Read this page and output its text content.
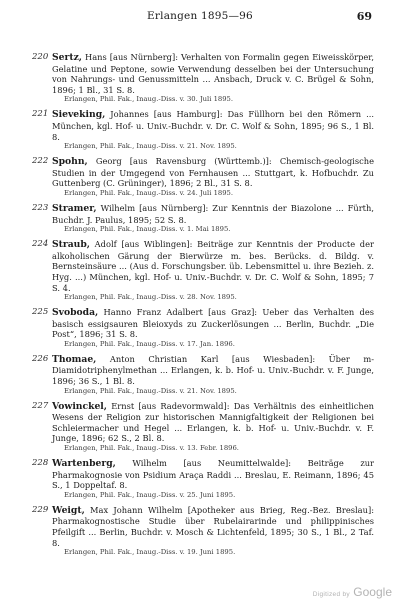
Erlangen 1895—96	69
220 Sertz, Hans [aus Nürnberg]: Verhalten von Formalin gegen Eiweisskörper, Gelatine und Peptone, sowie Verwendung desselben bei der Untersuchung von Nahrungs- und Genussmitteln ... Ansbach, Druck v. C. Brügel & Sohn, 1896; 1 Bl., 31 S. 8.
Erlangen, Phil. Fak., Inaug.-Diss. v. 30. Juli 1895.
221 Sieveking, Johannes [aus Hamburg]: Das Füllhorn bei den Römern ... München, kgl. Hof- u. Univ.-Buchdr. v. Dr. C. Wolf & Sohn, 1895; 96 S., 1 Bl. 8.
Erlangen, Phil. Fak., Inaug.-Diss. v. 21. Nov. 1895.
222 Spohn, Georg [aus Ravensburg (Württemb.)]: Chemisch-geologische Studien in der Umgegend von Fernhausen ... Stuttgart, k. Hofbuchdr. Zu Guttenberg (C. Grüninger), 1896; 2 Bl., 31 S. 8.
Erlangen, Phil. Fak., Inaug.-Diss. v. 24. Juli 1895.
223 Stramer, Wilhelm [aus Nürnberg]: Zur Kenntnis der Biazolone ... Fürth, Buchdr. J. Paulus, 1895; 52 S. 8.
Erlangen, Phil. Fak., Inaug.-Diss. v. 1. Mai 1895.
224 Straub, Adolf [aus Wiblingen]: Beiträge zur Kenntnis der Producte der alkoholischen Gärung der Bierwürze m. bes. Berücks. d. Bildg. v. Bernsteinsäure ... (Aus d. Forschungsber. üb. Lebensmittel u. ihre Bezieh. z. Hyg. ...) München, kgl. Hof- u. Univ.-Buchdr. v. Dr. C. Wolf & Sohn, 1895; 7 S. 4.
Erlangen, Phil. Fak., Inaug.-Diss. v. 28. Nov. 1895.
225 Svoboda, Hanno Franz Adalbert [aus Graz]: Ueber das Verhalten des basisch essigsauren Bleioxyds zu Zuckerlösungen ... Berlin, Buchdr. „Die Post“, 1896; 31 S. 8.
Erlangen, Phil. Fak., Inaug.-Diss. v. 17. Jan. 1896.
226 Thomae, Anton Christian Karl [aus Wiesbaden]: Über m-Diamidotriphenylmethan ... Erlangen, k. b. Hof- u. Univ.-Buchdr. v. F. Junge, 1896; 36 S., 1 Bl. 8.
Erlangen, Phil. Fak., Inaug.-Diss. v. 21. Nov. 1895.
227 Vowinckel, Ernst [aus Radevormwald]: Das Verhältnis des einheitlichen Wesens der Religion zur historischen Mannigfaltigkeit der Religionen bei Schleiermacher und Hegel ... Erlangen, k. b. Hof- u. Univ.-Buchdr. v. F. Junge, 1896; 62 S., 2 Bl. 8.
Erlangen, Phil. Fak., Inaug.-Diss. v. 13. Febr. 1896.
228 Wartenberg, Wilhelm [aus Neumittelwalde]: Beiträge zur Pharmakognosie von Psidium Araça Raddi ... Breslau, E. Reimann, 1896; 45 S., 1 Doppeltaf. 8.
Erlangen, Phil. Fak., Inaug.-Diss. v. 25. Juni 1895.
229 Weigt, Max Johann Wilhelm [Apotheker aus Brieg, Reg.-Bez. Breslau]: Pharmakognostische Studie über Rubelairarinde und philippinisches Pfeilgift ... Berlin, Buchdr. v. Mosch & Lichtenfeld, 1895; 30 S., 1 Bl., 2 Taf. 8.
Erlangen, Phil. Fak., Inaug.-Diss. v. 19. Juni 1895.
Digitized by Google
